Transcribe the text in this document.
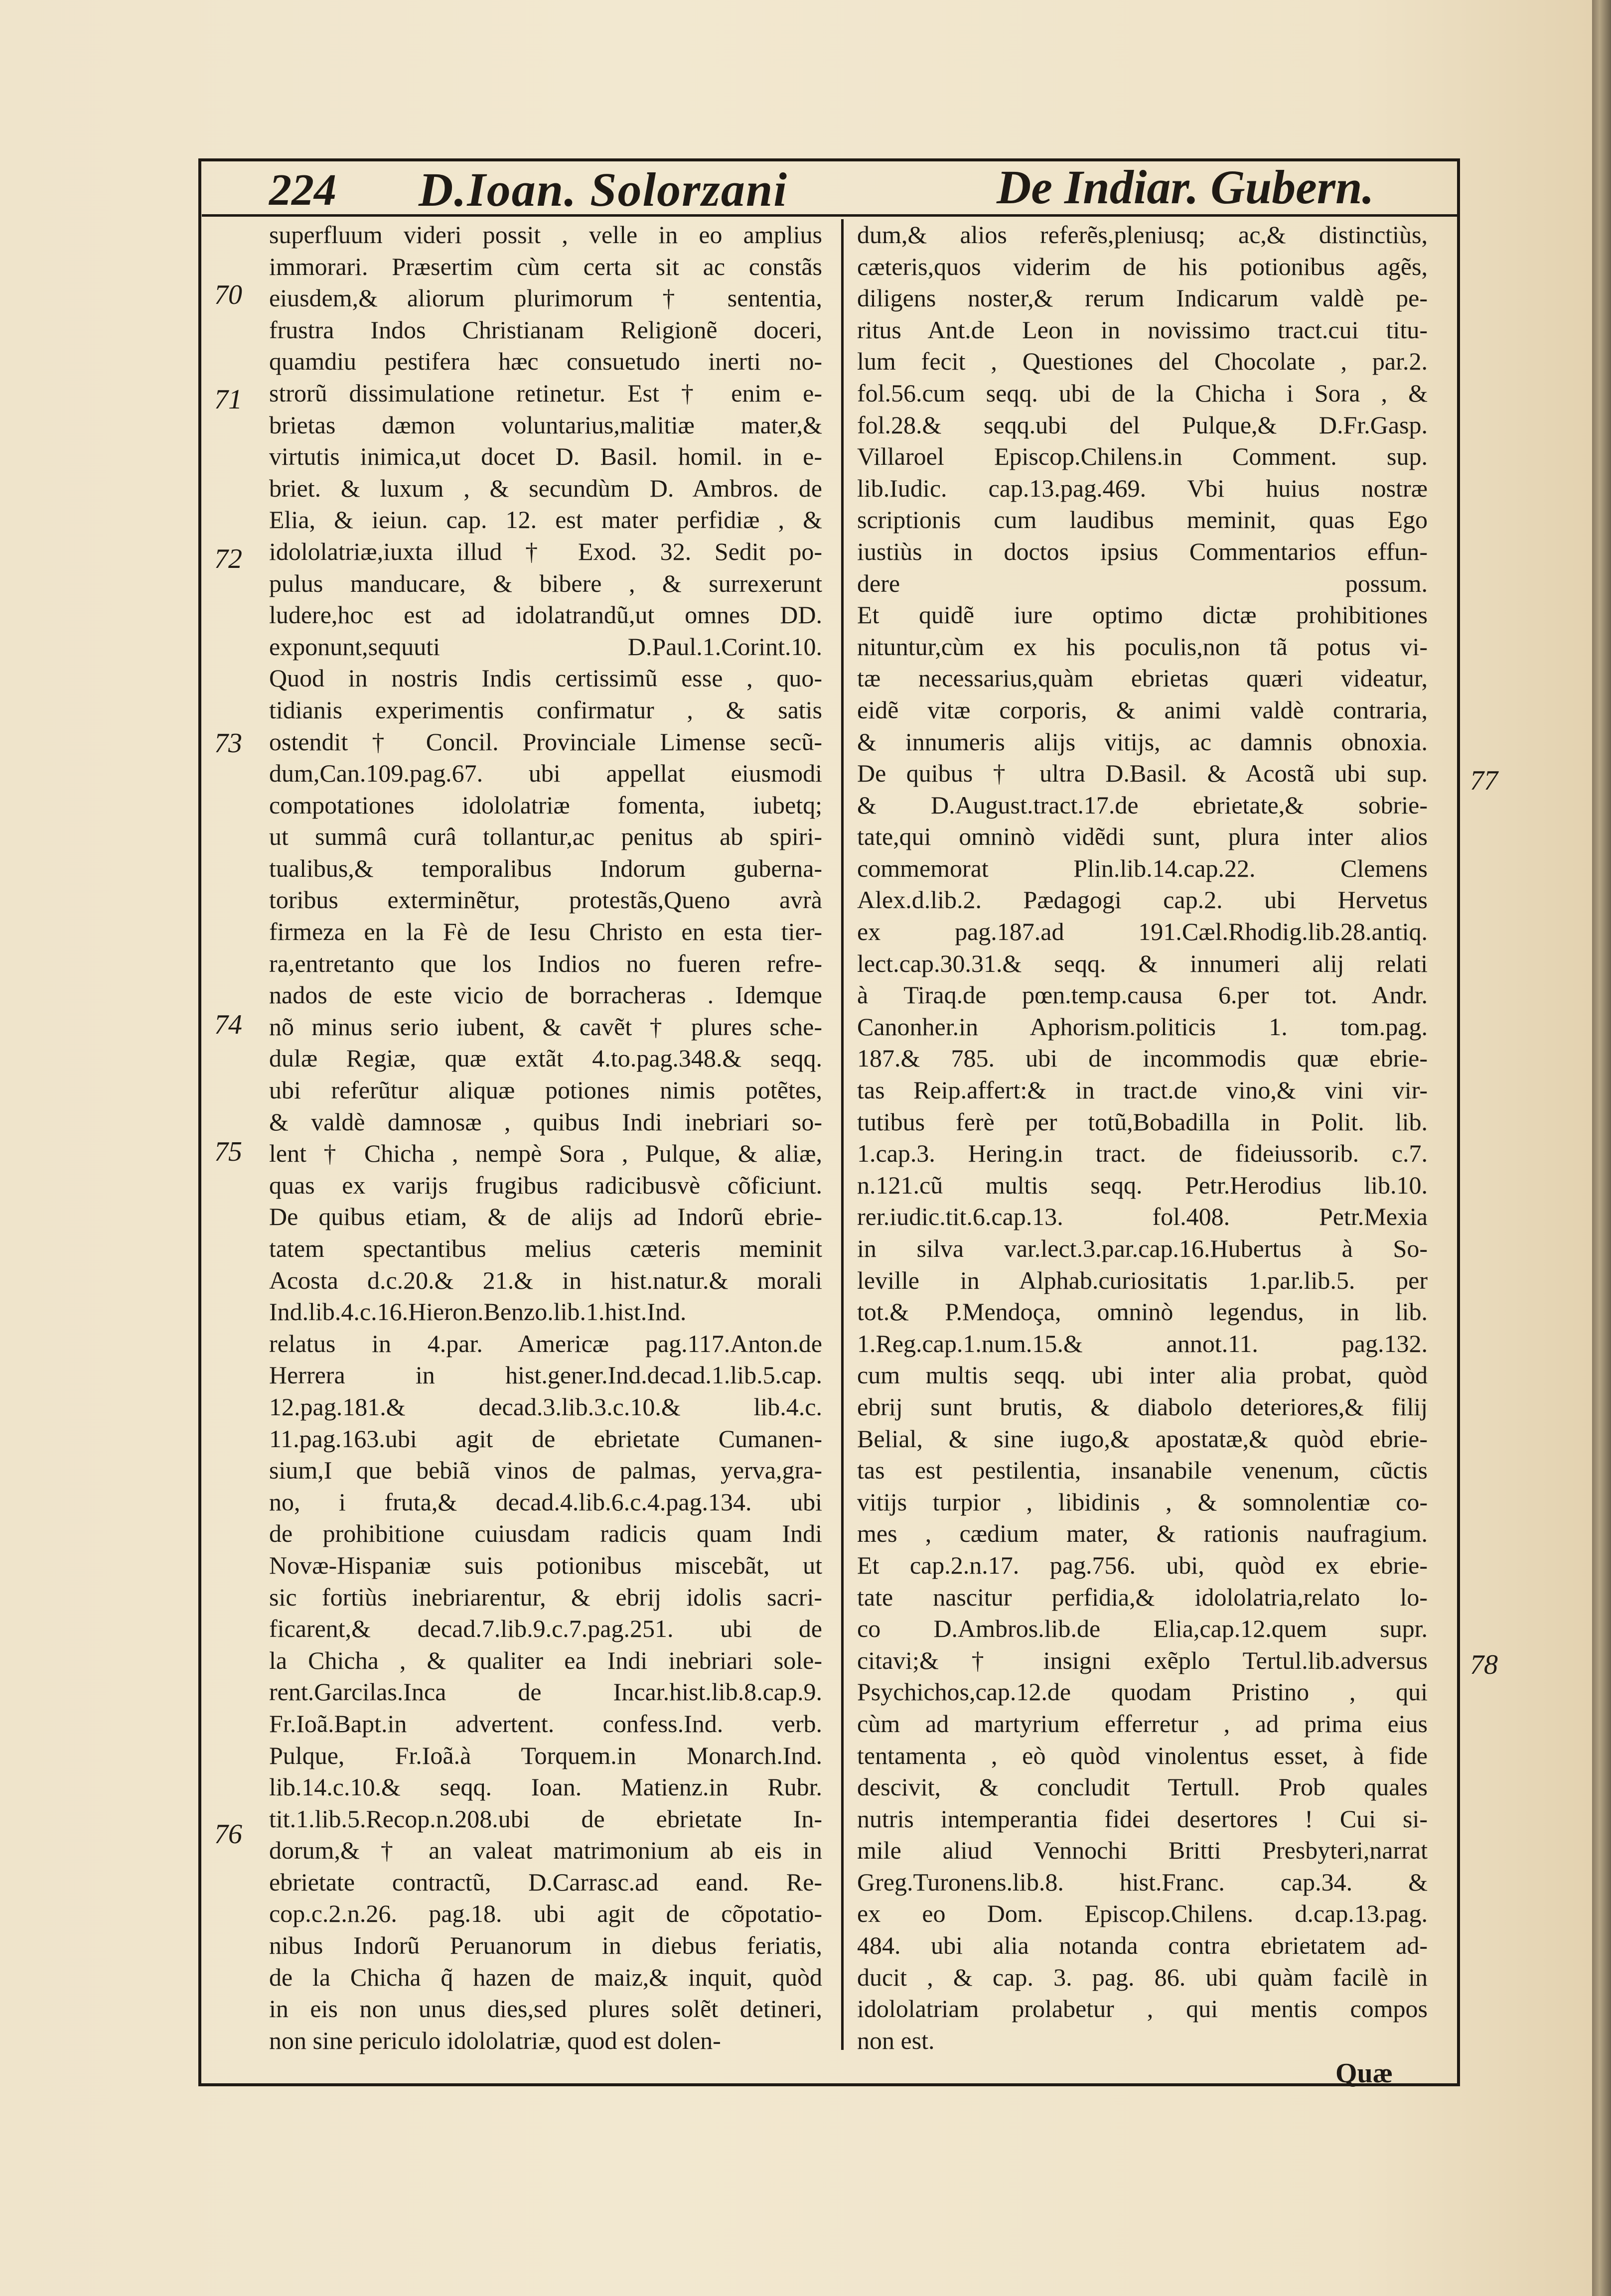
224 D.Ioan. Solorzani	De Indiar. Gubern.
superfluum videri possit , velle in eo amplius
immorari. Præsertim cùm certa sit ac constãs
eiusdem,& aliorum plurimorum † sententia,
frustra Indos Christianam Religionẽ doceri,
quamdiu pestifera hæc consuetudo inerti no-
strorũ dissimulatione retinetur. Est † enim e-
brietas dæmon voluntarius,malitiæ mater,&
virtutis inimica,ut docet D. Basil. homil. in e-
briet. & luxum , & secundùm D. Ambros. de
Elia, & ieiun. cap. 12. est mater perfidiæ , &
idololatriæ,iuxta illud † Exod. 32. Sedit po-
pulus manducare, & bibere , & surrexerunt
ludere,hoc est ad idolatrandũ,ut omnes DD.
exponunt,sequuti D.Paul.1.Corint.10.
Quod in nostris Indis certissimũ esse , quo-
tidianis experimentis confirmatur , & satis
ostendit † Concil. Provinciale Limense secũ-
dum,Can.109.pag.67. ubi appellat eiusmodi
compotationes idololatriæ fomenta, iubetq;
ut summâ curâ tollantur,ac penitus ab spiri-
tualibus,& temporalibus Indorum guberna-
toribus exterminẽtur, protestãs,Queno avrà
firmeza en la Fè de Iesu Christo en esta tier-
ra,entretanto que los Indios no fueren refre-
nados de este vicio de borracheras . Idemque
nõ minus serio iubent, & cavẽt † plures sche-
dulæ Regiæ, quæ extãt 4.to.pag.348.& seqq.
ubi referũtur aliquæ potiones nimis potẽtes,
& valdè damnosæ , quibus Indi inebriari so-
lent † Chicha , nempè Sora , Pulque, & aliæ,
quas ex varijs frugibus radicibusvè cõficiunt.
De quibus etiam, & de alijs ad Indorũ ebrie-
tatem spectantibus melius cæteris meminit
Acosta d.c.20.& 21.& in hist.natur.& morali
Ind.lib.4.c.16.Hieron.Benzo.lib.1.hist.Ind.
relatus in 4.par. Americæ pag.117.Anton.de
Herrera in hist.gener.Ind.decad.1.lib.5.cap.
12.pag.181.& decad.3.lib.3.c.10.& lib.4.c.
11.pag.163.ubi agit de ebrietate Cumanen-
sium,I que bebiã vinos de palmas, yerva,gra-
no, i fruta,& decad.4.lib.6.c.4.pag.134. ubi
de prohibitione cuiusdam radicis quam Indi
Novæ-Hispaniæ suis potionibus miscebãt, ut
sic fortiùs inebriarentur, & ebrij idolis sacri-
ficarent,& decad.7.lib.9.c.7.pag.251. ubi de
la Chicha , & qualiter ea Indi inebriari sole-
rent.Garcilas.Inca de Incar.hist.lib.8.cap.9.
Fr.Ioã.Bapt.in advertent. confess.Ind. verb.
Pulque, Fr.Ioã.à Torquem.in Monarch.Ind.
lib.14.c.10.& seqq. Ioan. Matienz.in Rubr.
tit.1.lib.5.Recop.n.208.ubi de ebrietate In-
dorum,& † an valeat matrimonium ab eis in
ebrietate contractũ, D.Carrasc.ad eand. Re-
cop.c.2.n.26. pag.18. ubi agit de cõpotatio-
nibus Indorũ Peruanorum in diebus feriatis,
de la Chicha q̃ hazen de maiz,& inquit, quòd
in eis non unus dies,sed plures solẽt detineri,
non sine periculo idololatriæ, quod est dolen-
dum,& alios referẽs,pleniusq; ac,& distinctiùs,
cæteris,quos viderim de his potionibus agẽs,
diligens noster,& rerum Indicarum valdè pe-
ritus Ant.de Leon in novissimo tract.cui titu-
lum fecit , Questiones del Chocolate , par.2.
fol.56.cum seqq. ubi de la Chicha i Sora , &
fol.28.& seqq.ubi del Pulque,& D.Fr.Gasp.
Villaroel Episcop.Chilens.in Comment. sup.
lib.Iudic. cap.13.pag.469. Vbi huius nostræ
scriptionis cum laudibus meminit, quas Ego
iustiùs in doctos ipsius Commentarios effun-
dere possum.
Et quidẽ iure optimo dictæ prohibitiones
nituntur,cùm ex his poculis,non tã potus vi-
tæ necessarius,quàm ebrietas quæri videatur,
eidẽ vitæ corporis, & animi valdè contraria,
& innumeris alijs vitijs, ac damnis obnoxia.
De quibus † ultra D.Basil. & Acostã ubi sup.
& D.August.tract.17.de ebrietate,& sobrie-
tate,qui omninò vidẽdi sunt, plura inter alios
commemorat Plin.lib.14.cap.22. Clemens
Alex.d.lib.2. Pædagogi cap.2. ubi Hervetus
ex pag.187.ad 191.Cæl.Rhodig.lib.28.antiq.
lect.cap.30.31.& seqq. & innumeri alij relati
à Tiraq.de pœn.temp.causa 6.per tot. Andr.
Canonher.in Aphorism.politicis 1. tom.pag.
187.& 785. ubi de incommodis quæ ebrie-
tas Reip.affert:& in tract.de vino,& vini vir-
tutibus ferè per totũ,Bobadilla in Polit. lib.
1.cap.3. Hering.in tract. de fideiussorib. c.7.
n.121.cũ multis seqq. Petr.Herodius lib.10.
rer.iudic.tit.6.cap.13. fol.408. Petr.Mexia
in silva var.lect.3.par.cap.16.Hubertus à So-
leville in Alphab.curiositatis 1.par.lib.5. per
tot.& P.Mendoça, omninò legendus, in lib.
1.Reg.cap.1.num.15.& annot.11. pag.132.
cum multis seqq. ubi inter alia probat, quòd
ebrij sunt brutis, & diabolo deteriores,& filij
Belial, & sine iugo,& apostatæ,& quòd ebrie-
tas est pestilentia, insanabile venenum, cũctis
vitijs turpior , libidinis , & somnolentiæ co-
mes , cædium mater, & rationis naufragium.
Et cap.2.n.17. pag.756. ubi, quòd ex ebrie-
tate nascitur perfidia,& idololatria,relato lo-
co D.Ambros.lib.de Elia,cap.12.quem supr.
citavi;& † insigni exẽplo Tertul.lib.adversus
Psychichos,cap.12.de quodam Pristino , qui
cùm ad martyrium efferretur , ad prima eius
tentamenta , eò quòd vinolentus esset, à fide
descivit, & concludit Tertull. Prob quales
nutris intemperantia fidei desertores ! Cui si-
mile aliud Vennochi Britti Presbyteri,narrat
Greg.Turonens.lib.8. hist.Franc. cap.34. &
ex eo Dom. Episcop.Chilens. d.cap.13.pag.
484. ubi alia notanda contra ebrietatem ad-
ducit , & cap. 3. pag. 86. ubi quàm facilè in
idololatriam prolabetur , qui mentis compos
non est.
70
71
72
73
74
75
76
77
78
Quæ
